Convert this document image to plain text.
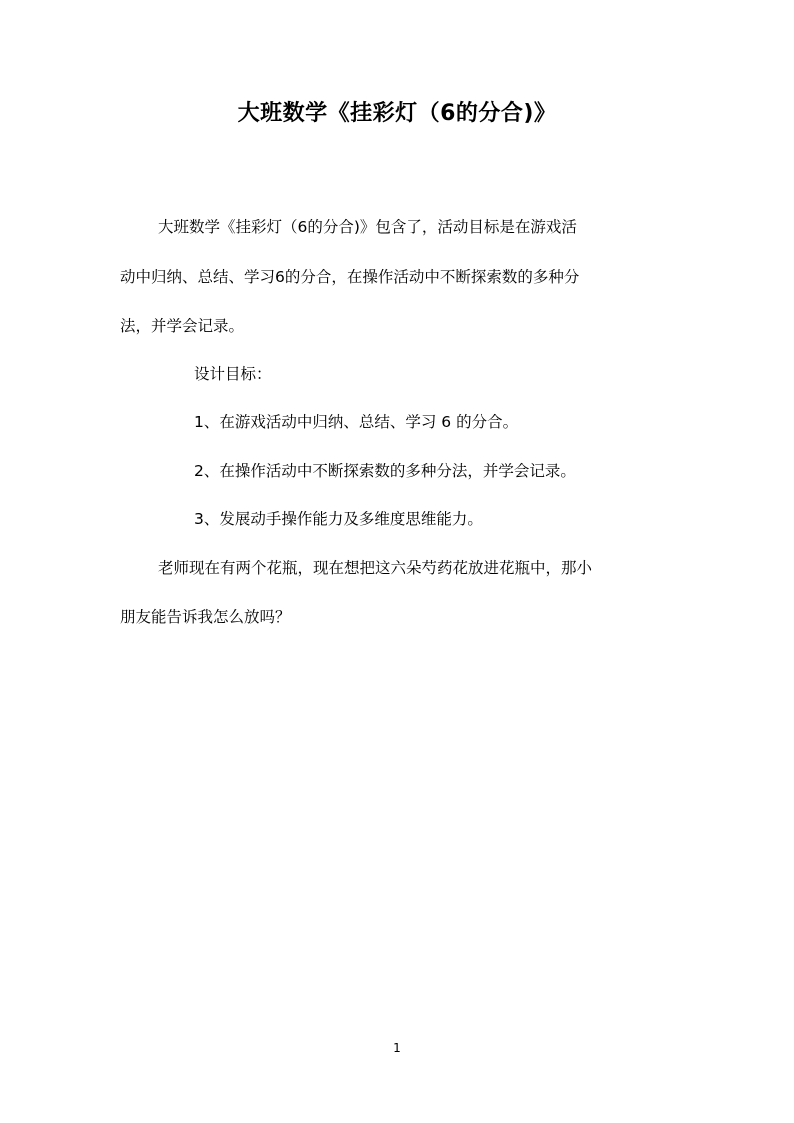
大班数学《挂彩灯（6的分合)》
大班数学《挂彩灯（6的分合)》包含了，活动目标是在游戏活
动中归纳、总结、学习6的分合，在操作活动中不断探索数的多种分
法，并学会记录。
设计目标：
1、在游戏活动中归纳、总结、学习 6 的分合。
2、在操作活动中不断探索数的多种分法，并学会记录。
3、发展动手操作能力及多维度思维能力。
老师现在有两个花瓶，现在想把这六朵芍药花放进花瓶中，那小
朋友能告诉我怎么放吗？
1
